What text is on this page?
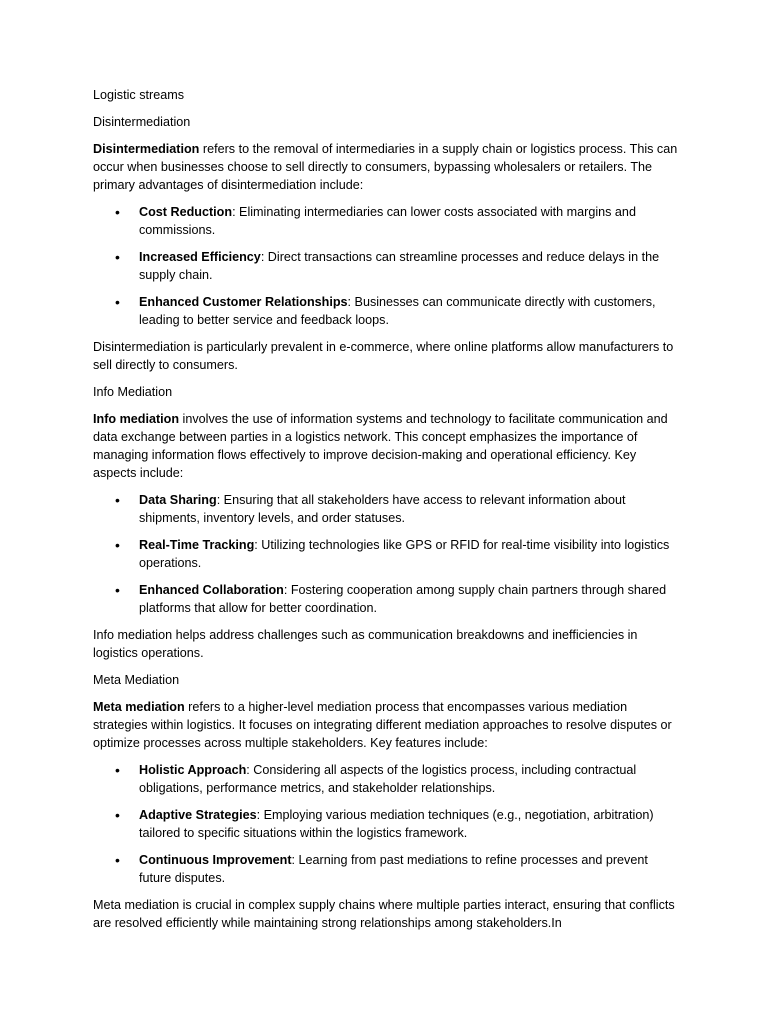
Logistic streams

Disintermediation

Disintermediation refers to the removal of intermediaries in a supply chain or logistics process. This can occur when businesses choose to sell directly to consumers, bypassing wholesalers or retailers. The primary advantages of disintermediation include:

• Cost Reduction: Eliminating intermediaries can lower costs associated with margins and commissions.
• Increased Efficiency: Direct transactions can streamline processes and reduce delays in the supply chain.
• Enhanced Customer Relationships: Businesses can communicate directly with customers, leading to better service and feedback loops.

Disintermediation is particularly prevalent in e-commerce, where online platforms allow manufacturers to sell directly to consumers.

Info Mediation

Info mediation involves the use of information systems and technology to facilitate communication and data exchange between parties in a logistics network. This concept emphasizes the importance of managing information flows effectively to improve decision-making and operational efficiency. Key aspects include:

• Data Sharing: Ensuring that all stakeholders have access to relevant information about shipments, inventory levels, and order statuses.
• Real-Time Tracking: Utilizing technologies like GPS or RFID for real-time visibility into logistics operations.
• Enhanced Collaboration: Fostering cooperation among supply chain partners through shared platforms that allow for better coordination.

Info mediation helps address challenges such as communication breakdowns and inefficiencies in logistics operations.

Meta Mediation

Meta mediation refers to a higher-level mediation process that encompasses various mediation strategies within logistics. It focuses on integrating different mediation approaches to resolve disputes or optimize processes across multiple stakeholders. Key features include:

• Holistic Approach: Considering all aspects of the logistics process, including contractual obligations, performance metrics, and stakeholder relationships.
• Adaptive Strategies: Employing various mediation techniques (e.g., negotiation, arbitration) tailored to specific situations within the logistics framework.
• Continuous Improvement: Learning from past mediations to refine processes and prevent future disputes.

Meta mediation is crucial in complex supply chains where multiple parties interact, ensuring that conflicts are resolved efficiently while maintaining strong relationships among stakeholders.In
